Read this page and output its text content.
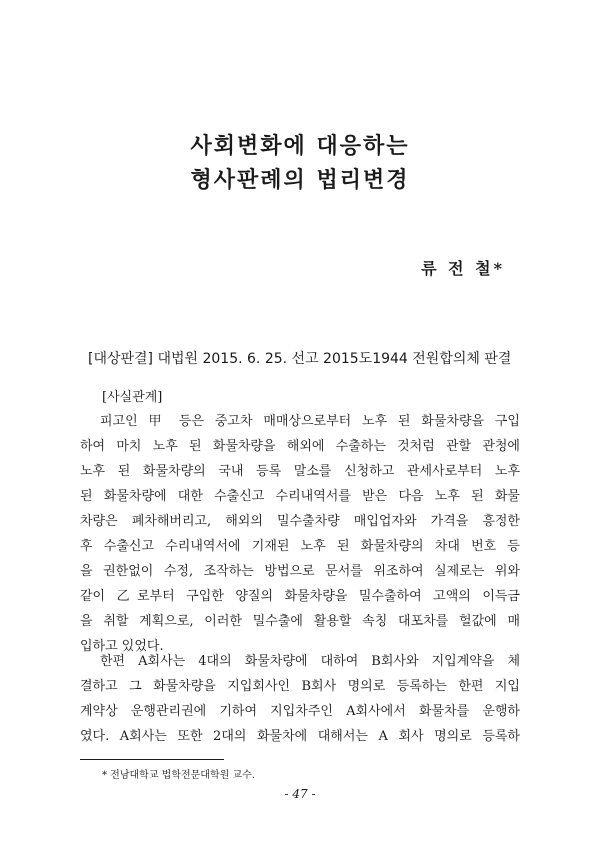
사회변화에 대응하는
형사판례의 법리변경
류 전 철*
[대상판결] 대법원 2015. 6. 25. 선고 2015도1944 전원합의체 판결
[사실관계]
피고인 甲 등은 중고차 매매상으로부터 노후 된 화물차량을 구입
하여 마치 노후 된 화물차량을 해외에 수출하는 것처럼 관할 관청에
노후 된 화물차량의 국내 등록 말소를 신청하고 관세사로부터 노후
된 화물차량에 대한 수출신고 수리내역서를 받은 다음 노후 된 화물
차량은 폐차해버리고, 해외의 밀수출차량 매입업자와 가격을 흥정한
후 수출신고 수리내역서에 기재된 노후 된 화물차량의 차대 번호 등
을 권한없이 수정, 조작하는 방법으로 문서를 위조하여 실제로는 위와
같이 乙로부터 구입한 양질의 화물차량을 밀수출하여 고액의 이득금
을 취할 계획으로, 이러한 밀수출에 활용할 속칭 대포차를 헐값에 매
입하고 있었다.
한편 A회사는 4대의 화물차량에 대하여 B회사와 지입계약을 체
결하고 그 화물차량을 지입회사인 B회사 명의로 등록하는 한편 지입
계약상 운행관리권에 기하여 지입차주인 A회사에서 화물차를 운행하
였다. A회사는 또한 2대의 화물차에 대해서는 A 회사 명의로 등록하
* 전남대학교 법학전문대학원 교수.
- 47 -
